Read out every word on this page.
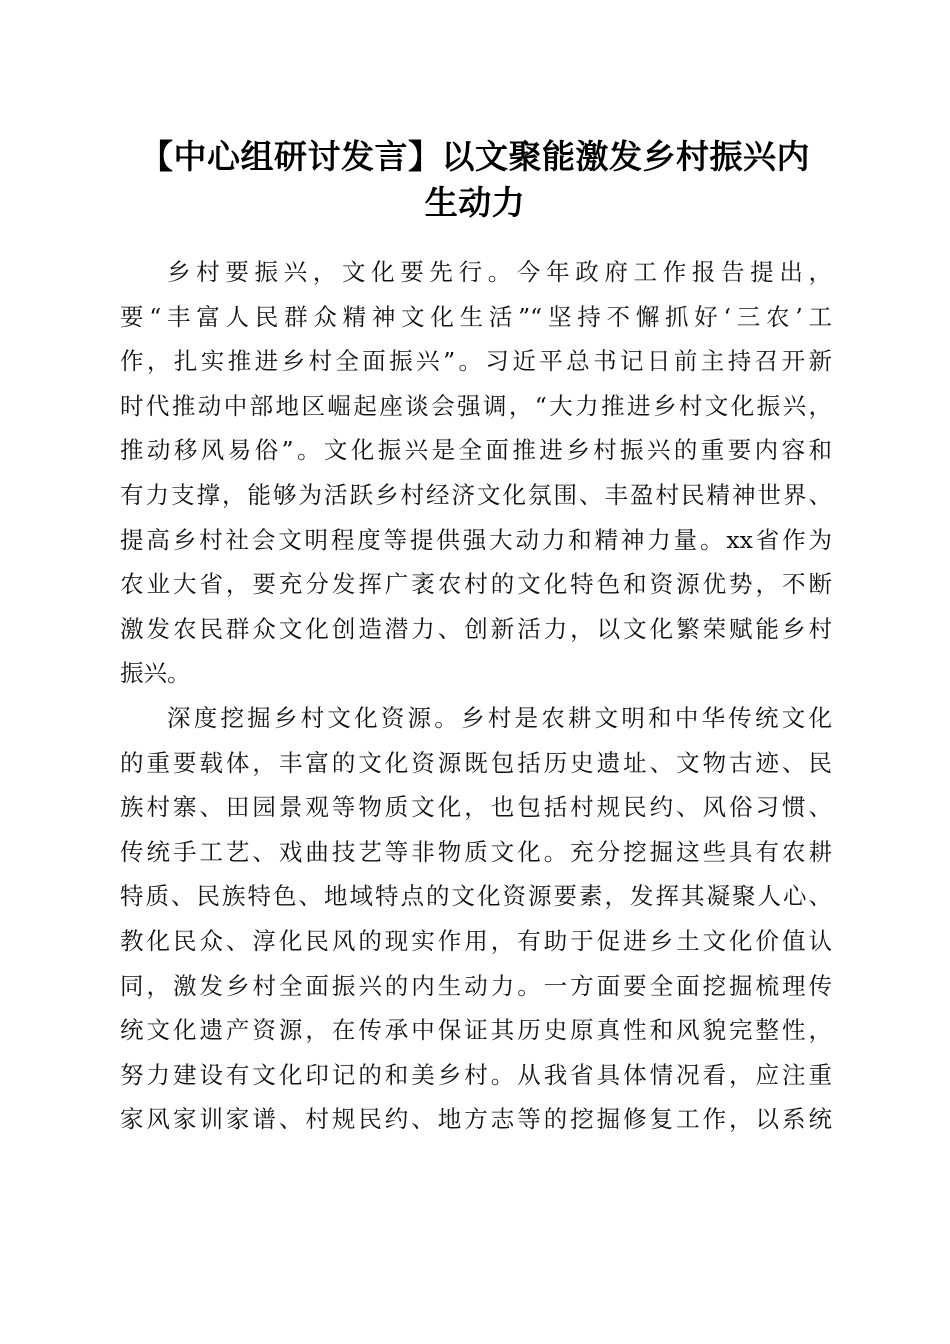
【中心组研讨发言】以文聚能激发乡村振兴内
生动力

乡村要振兴，文化要先行。今年政府工作报告提出，
要“丰富人民群众精神文化生活”“坚持不懈抓好‘三农’工
作，扎实推进乡村全面振兴”。习近平总书记日前主持召开新
时代推动中部地区崛起座谈会强调，“大力推进乡村文化振兴，
推动移风易俗”。文化振兴是全面推进乡村振兴的重要内容和
有力支撑，能够为活跃乡村经济文化氛围、丰盈村民精神世界、
提高乡村社会文明程度等提供强大动力和精神力量。xx省作为
农业大省，要充分发挥广袤农村的文化特色和资源优势，不断
激发农民群众文化创造潜力、创新活力，以文化繁荣赋能乡村
振兴。

深度挖掘乡村文化资源。乡村是农耕文明和中华传统文化
的重要载体，丰富的文化资源既包括历史遗址、文物古迹、民
族村寨、田园景观等物质文化，也包括村规民约、风俗习惯、
传统手工艺、戏曲技艺等非物质文化。充分挖掘这些具有农耕
特质、民族特色、地域特点的文化资源要素，发挥其凝聚人心、
教化民众、淳化民风的现实作用，有助于促进乡土文化价值认
同，激发乡村全面振兴的内生动力。一方面要全面挖掘梳理传
统文化遗产资源，在传承中保证其历史原真性和风貌完整性，
努力建设有文化印记的和美乡村。从我省具体情况看，应注重
家风家训家谱、村规民约、地方志等的挖掘修复工作，以系统
